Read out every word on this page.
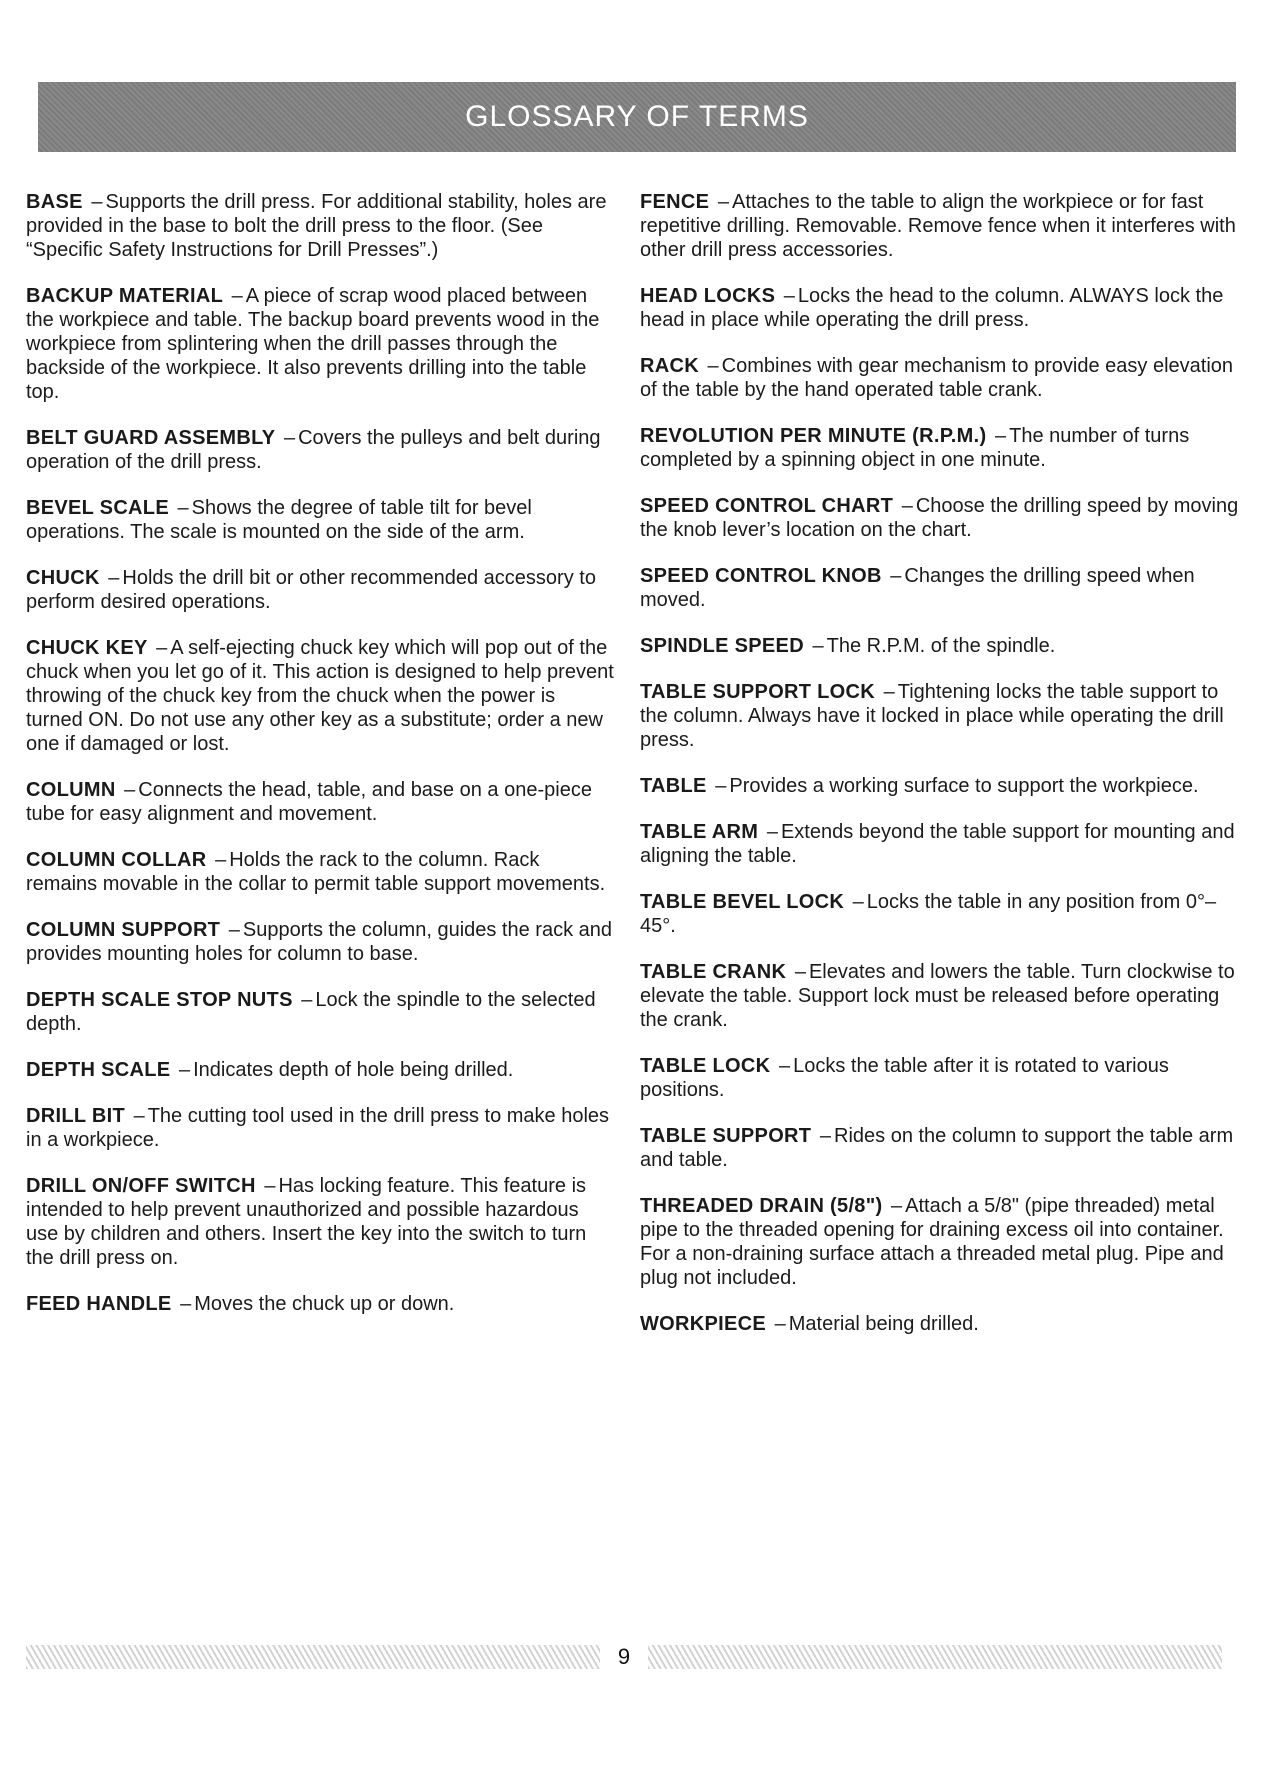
GLOSSARY OF TERMS

BASE – Supports the drill press. For additional stability, holes are provided in the base to bolt the drill press to the floor. (See “Specific Safety Instructions for Drill Presses”.)

BACKUP MATERIAL – A piece of scrap wood placed between the workpiece and table. The backup board prevents wood in the workpiece from splintering when the drill passes through the backside of the workpiece. It also prevents drilling into the table top.

BELT GUARD ASSEMBLY – Covers the pulleys and belt during operation of the drill press.

BEVEL SCALE – Shows the degree of table tilt for bevel operations. The scale is mounted on the side of the arm.

CHUCK – Holds the drill bit or other recommended accessory to perform desired operations.

CHUCK KEY – A self-ejecting chuck key which will pop out of the chuck when you let go of it. This action is designed to help prevent throwing of the chuck key from the chuck when the power is turned ON. Do not use any other key as a substitute; order a new one if damaged or lost.

COLUMN – Connects the head, table, and base on a one-piece tube for easy alignment and movement.

COLUMN COLLAR – Holds the rack to the column. Rack remains movable in the collar to permit table support movements.

COLUMN SUPPORT – Supports the column, guides the rack and provides mounting holes for column to base.

DEPTH SCALE STOP NUTS – Lock the spindle to the selected depth.

DEPTH SCALE – Indicates depth of hole being drilled.

DRILL BIT – The cutting tool used in the drill press to make holes in a workpiece.

DRILL ON/OFF SWITCH – Has locking feature. This feature is intended to help prevent unauthorized and possible hazardous use by children and others. Insert the key into the switch to turn the drill press on.

FEED HANDLE – Moves the chuck up or down.

FENCE – Attaches to the table to align the workpiece or for fast repetitive drilling. Removable. Remove fence when it interferes with other drill press accessories.

HEAD LOCKS – Locks the head to the column. ALWAYS lock the head in place while operating the drill press.

RACK – Combines with gear mechanism to provide easy elevation of the table by the hand operated table crank.

REVOLUTION PER MINUTE (R.P.M.) – The number of turns completed by a spinning object in one minute.

SPEED CONTROL CHART – Choose the drilling speed by moving the knob lever’s location on the chart.

SPEED CONTROL KNOB – Changes the drilling speed when moved.

SPINDLE SPEED – The R.P.M. of the spindle.

TABLE SUPPORT LOCK – Tightening locks the table support to the column. Always have it locked in place while operating the drill press.

TABLE – Provides a working surface to support the workpiece.

TABLE ARM – Extends beyond the table support for mounting and aligning the table.

TABLE BEVEL LOCK – Locks the table in any position from 0°– 45°.

TABLE CRANK – Elevates and lowers the table. Turn clockwise to elevate the table. Support lock must be released before operating the crank.

TABLE LOCK – Locks the table after it is rotated to various positions.

TABLE SUPPORT – Rides on the column to support the table arm and table.

THREADED DRAIN (5/8") – Attach a 5/8" (pipe threaded) metal pipe to the threaded opening for draining excess oil into container. For a non-draining surface attach a threaded metal plug. Pipe and plug not included.

WORKPIECE – Material being drilled.

9
